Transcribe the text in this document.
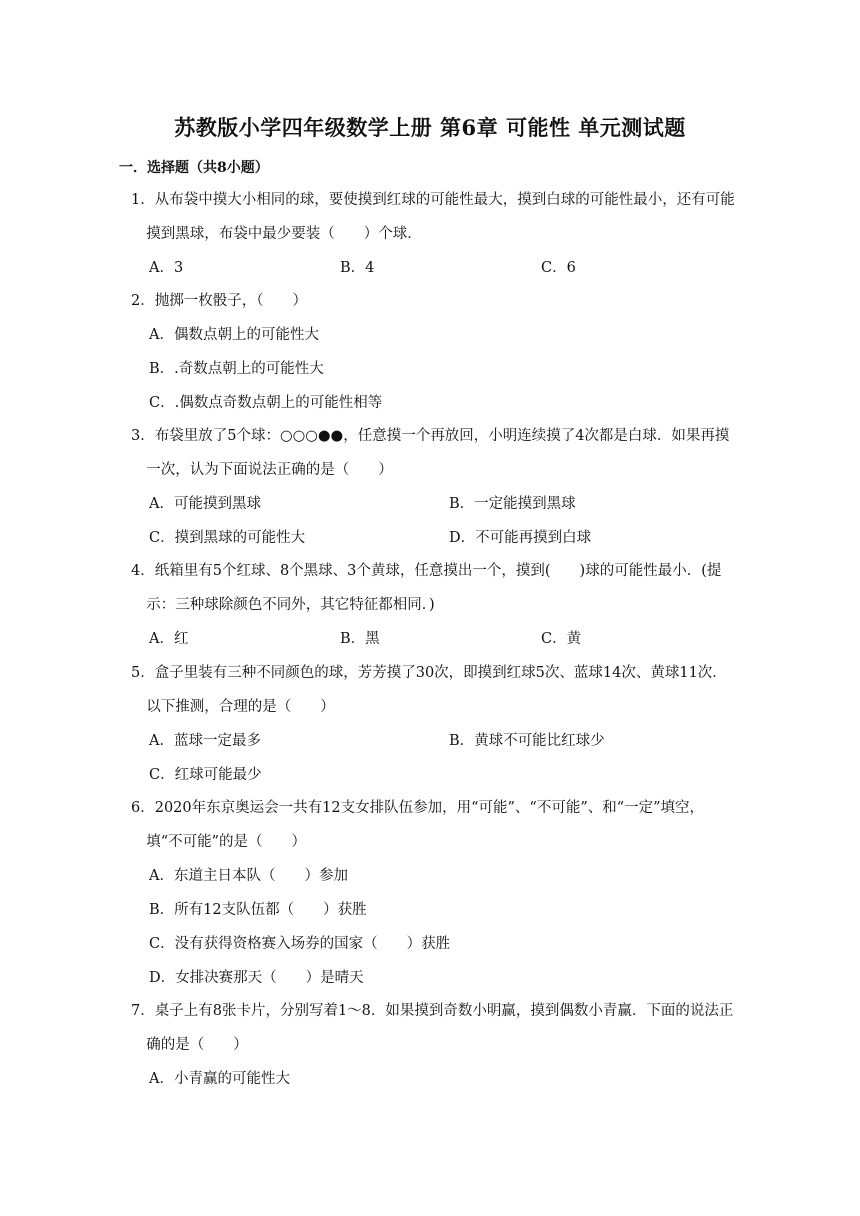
苏教版小学四年级数学上册 第6章 可能性 单元测试题
一．选择题（共8小题）
1．从布袋中摸大小相同的球，要使摸到红球的可能性最大，摸到白球的可能性最小，还有可能摸到黑球，布袋中最少要装（　　）个球．
A．3	B．4	C．6
2．抛掷一枚骰子，（　　）
A．偶数点朝上的可能性大
B．.奇数点朝上的可能性大
C．.偶数点奇数点朝上的可能性相等
3．布袋里放了5个球：○○○●●，任意摸一个再放回，小明连续摸了4次都是白球．如果再摸一次，认为下面说法正确的是（　　）
A．可能摸到黑球	B．一定能摸到黑球
C．摸到黑球的可能性大	D．不可能再摸到白球
4．纸箱里有5个红球、8个黑球、3个黄球，任意摸出一个，摸到(　　)球的可能性最小．(提示：三种球除颜色不同外，其它特征都相同．)
A．红	B．黑	C．黄
5．盒子里装有三种不同颜色的球，芳芳摸了30次，即摸到红球5次、蓝球14次、黄球11次．以下推测，合理的是（　　）
A．蓝球一定最多	B．黄球不可能比红球少
C．红球可能最少
6．2020年东京奥运会一共有12支女排队伍参加，用“可能”、“不可能”、和“一定”填空，填“不可能”的是（　　）
A．东道主日本队（　　）参加
B．所有12支队伍都（　　）获胜
C．没有获得资格赛入场券的国家（　　）获胜
D．女排决赛那天（　　）是晴天
7．桌子上有8张卡片，分别写着1～8．如果摸到奇数小明赢，摸到偶数小青赢．下面的说法正确的是（　　）
A．小青赢的可能性大
